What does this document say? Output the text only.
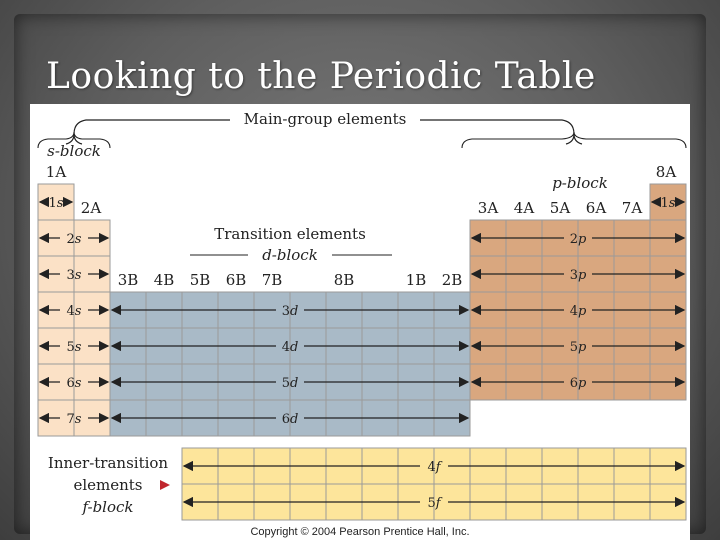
Looking to the Periodic Table
1s
2s
3s
4s
5s
6s
7s
1s
2p
3p
4p
5p
6p
3d
4d
5d
6d
4f
5f
Main-group elements
s-block
p-block
1A
2A
8A
3A 4A 5A 6A 7A
3B 4B 5B 6B 7B	8B	1B 2B
Transition elements
d-block
Inner-transition
elements
f-block
Copyright © 2004 Pearson Prentice Hall, Inc.
